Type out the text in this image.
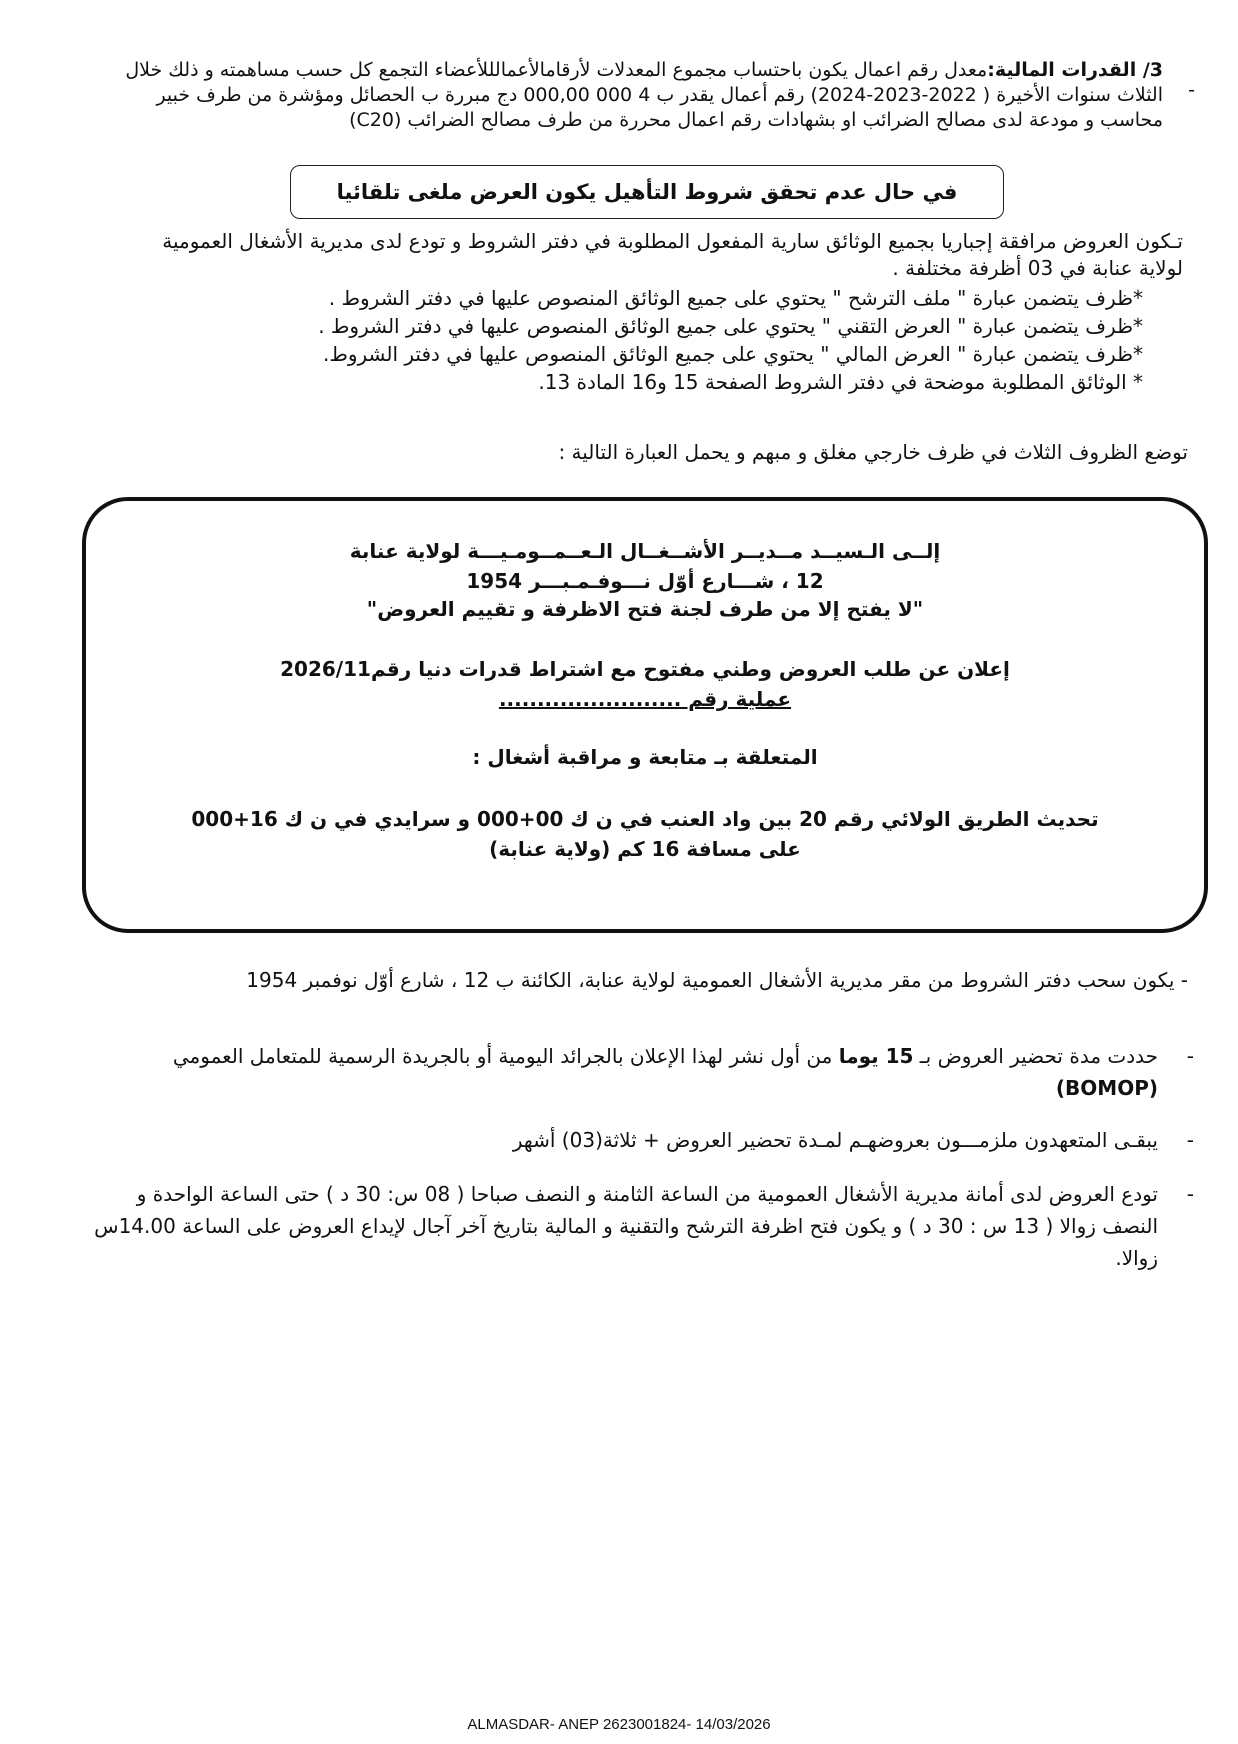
-
3/ القدرات المالية:معدل رقم اعمال يكون باحتساب مجموع المعدلات لأرقامالأعمالللأعضاء التجمع كل حسب مساهمته و ذلك خلال الثلاث سنوات الأخيرة ( 2022-2023-2024) رقم أعمال يقدر ب 4 000 000,00 دج مبررة ب الحصائل ومؤشرة من طرف خبير محاسب و مودعة لدى مصالح الضرائب او بشهادات رقم اعمال محررة من طرف مصالح الضرائب (C20)
في حال عدم تحقق شروط التأهيل يكون العرض ملغى تلقائيا
تـكون العروض مرافقة إجباريا بجميع الوثائق سارية المفعول المطلوبة في دفتر الشروط و تودع لدى مديرية الأشغال العمومية لولاية عنابة في 03 أظرفة مختلفة .
*ظرف يتضمن عبارة " ملف الترشح " يحتوي على جميع الوثائق المنصوص عليها في دفتر الشروط .
*ظرف يتضمن عبارة " العرض التقني " يحتوي على جميع الوثائق المنصوص عليها في دفتر الشروط .
*ظرف يتضمن عبارة " العرض المالي " يحتوي على جميع الوثائق المنصوص عليها في دفتر الشروط.
* الوثائق المطلوبة موضحة في دفتر الشروط الصفحة 15 و16 المادة 13.
توضع الظروف الثلاث في ظرف خارجي مغلق و مبهم و يحمل العبارة التالية :
إلــى الـسيــد مــديــر الأشــغــال الـعــمــومـيـــة لولاية عنابة
12 ، شـــارع أوّل نـــوفـمـبـــر 1954
"لا يفتح إلا من طرف لجنة فتح الاظرفة و تقييم العروض"
إعلان عن طلب العروض وطني مفتوح مع اشتراط قدرات دنيا رقم2026/11
عملية رقم ........................
المتعلقة بـ متابعة و مراقبة أشغال :
تحديث الطريق الولائي رقم 20 بين واد العنب في ن ك 00+000 و سرايدي في ن ك 16+000
على مسافة 16 كم (ولاية عنابة)
- يكون سحب دفتر الشروط من مقر مديرية الأشغال العمومية لولاية عنابة، الكائنة ب 12 ، شارع أوّل نوفمبر 1954
-
حددت مدة تحضير العروض بـ 15 يوما من أول نشر لهذا الإعلان بالجرائد اليومية أو بالجريدة الرسمية للمتعامل العمومي (BOMOP)
-
يبقـى المتعهدون ملزمـــون بعروضهـم لمـدة تحضير العروض + ثلاثة(03) أشهر
-
تودع العروض لدى أمانة مديرية الأشغال العمومية من الساعة الثامنة و النصف صباحا ( 08 س: 30 د ) حتى الساعة الواحدة و النصف زوالا ( 13 س : 30 د ) و يكون فتح اظرفة الترشح والتقنية و المالية بتاريخ آخر آجال لإيداع العروض على الساعة 14.00س زوالا.
ALMASDAR- ANEP 2623001824- 14/03/2026
